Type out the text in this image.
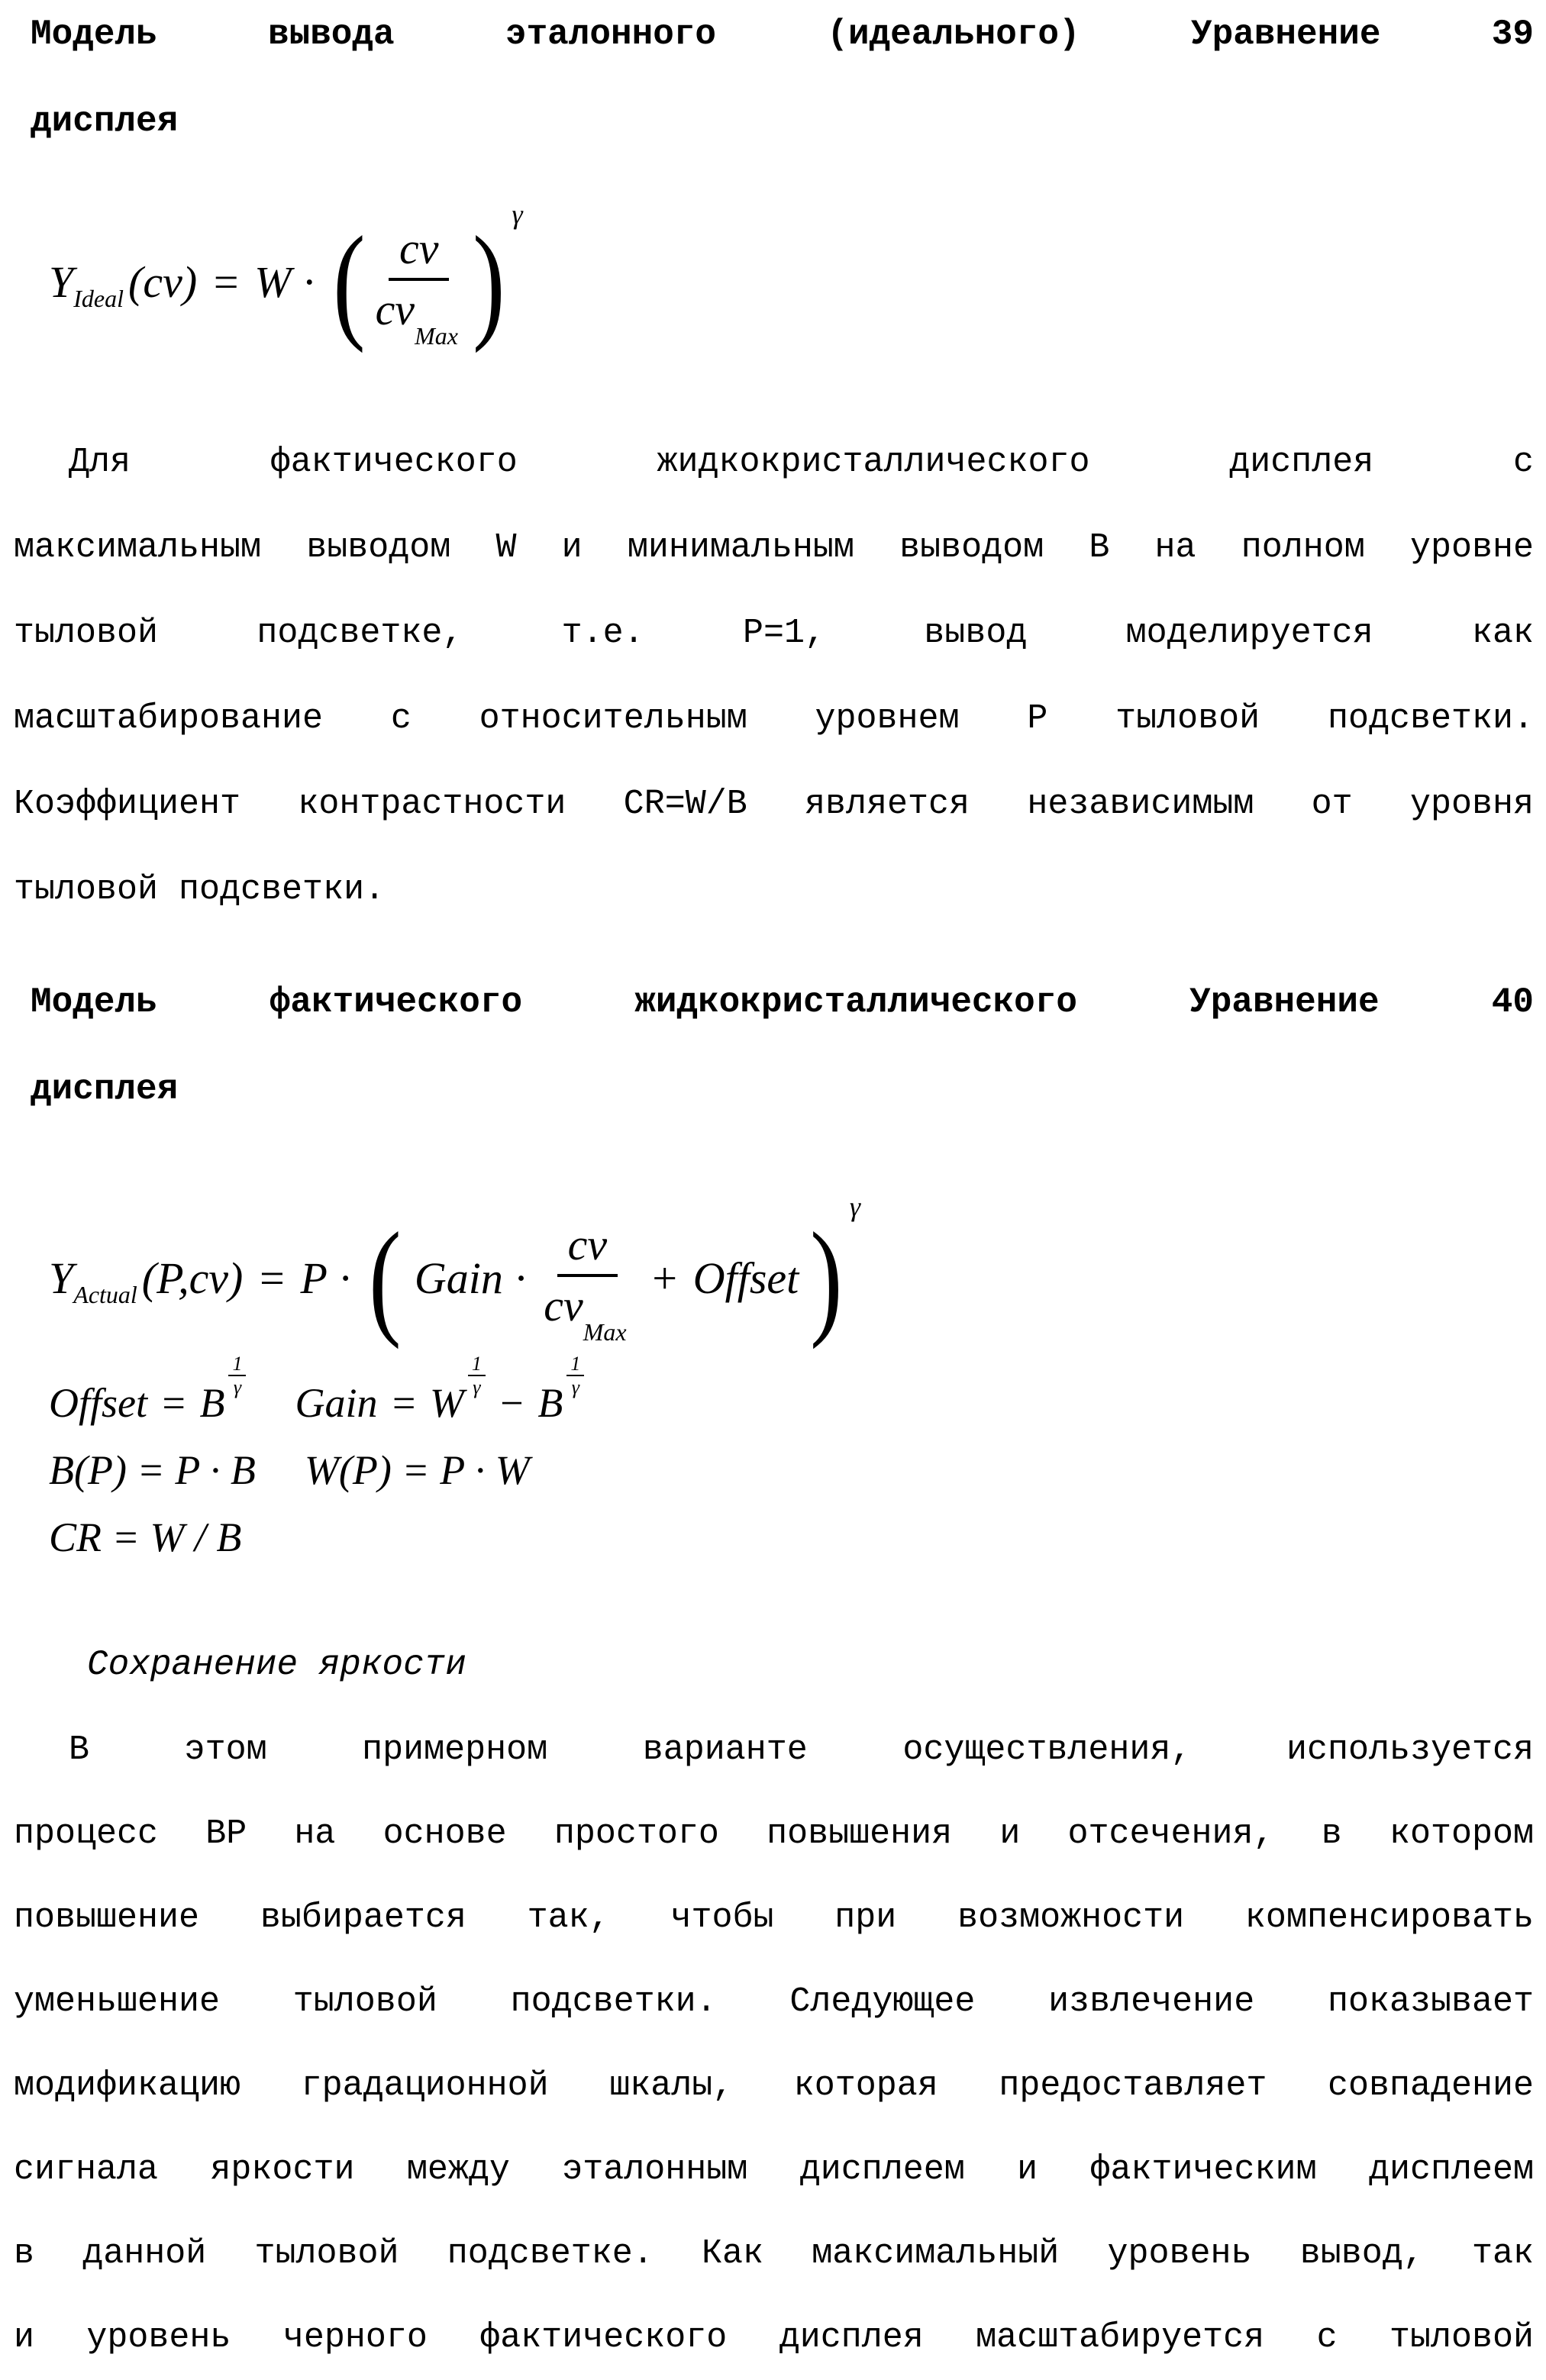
Модель вывода эталонного (идеального)	Уравнение 39
дисплея
$Y_{Ideal}$ (cv) = W · ( $\frac{cv}{cv_{Max}}$ ) γ
Для фактического жидкокристаллического дисплея с
максимальным выводом W и минимальным выводом B на полном уровне
тыловой подсветке, т.е. P=1, вывод моделируется как
масштабирование с относительным уровнем P тыловой подсветки.
Коэффициент контрастности CR=W/B является независимым от уровня
тыловой подсветки.
Модель фактического жидкокристаллического	Уравнение 40
дисплея
$Y_{Actual}$ (P,cv) = P · ( Gain · $\frac{cv}{cv_{Max}}$ + Offset ) γ
Offset = B
$\frac{1}{\gamma}$
Gain = W
$\frac{1}{\gamma}$
− B
$\frac{1}{\gamma}$
B(P) = P · B W(P) = P · W
CR = W / B
Сохранение яркости
В этом примерном варианте осуществления, используется
процесс BP на основе простого повышения и отсечения, в котором
повышение выбирается так, чтобы при возможности компенсировать
уменьшение тыловой подсветки. Следующее извлечение показывает
модификацию градационной шкалы, которая предоставляет совпадение
сигнала яркости между эталонным дисплеем и фактическим дисплеем
в данной тыловой подсветке. Как максимальный уровень вывод, так
и уровень черного фактического дисплея масштабируется с тыловой
